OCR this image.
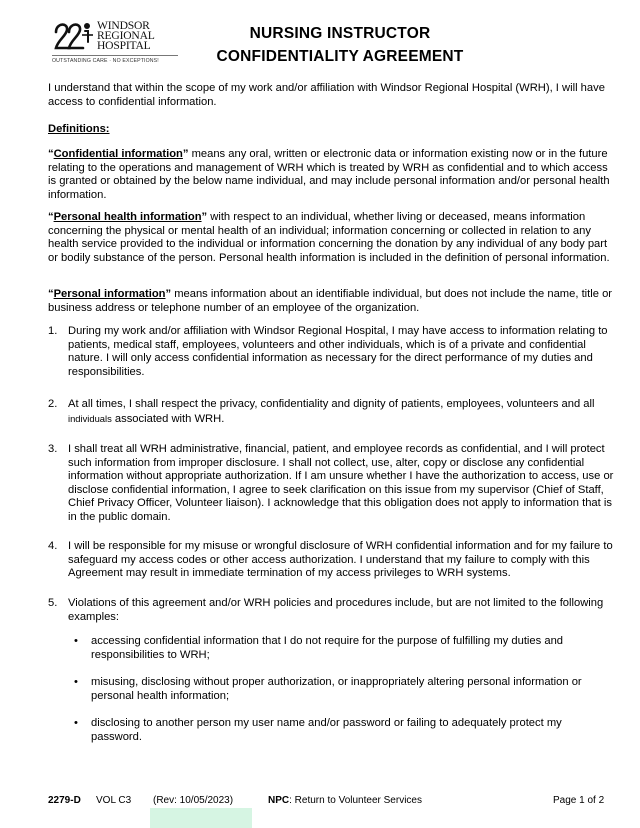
WINDSOR
REGIONAL
HOSPITAL
OUTSTANDING CARE · NO EXCEPTIONS!
NURSING INSTRUCTOR
CONFIDENTIALITY AGREEMENT

I understand that within the scope of my work and/or affiliation with Windsor Regional Hospital (WRH), I will have access to confidential information.

Definitions:

“Confidential information” means any oral, written or electronic data or information existing now or in the future relating to the operations and management of WRH which is treated by WRH as confidential and to which access is granted or obtained by the below name individual, and may include personal information and/or personal health information.

“Personal health information” with respect to an individual, whether living or deceased, means information concerning the physical or mental health of an individual; information concerning or collected in relation to any health service provided to the individual or information concerning the donation by any individual of any body part or bodily substance of the person. Personal health information is included in the definition of personal information.

“Personal information” means information about an identifiable individual, but does not include the name, title or business address or telephone number of an employee of the organization.

1. During my work and/or affiliation with Windsor Regional Hospital, I may have access to information relating to patients, medical staff, employees, volunteers and other individuals, which is of a private and confidential nature. I will only access confidential information as necessary for the direct performance of my duties and responsibilities.
2. At all times, I shall respect the privacy, confidentiality and dignity of patients, employees, volunteers and all individuals associated with WRH.
3. I shall treat all WRH administrative, financial, patient, and employee records as confidential, and I will protect such information from improper disclosure. I shall not collect, use, alter, copy or disclose any confidential information without appropriate authorization. If I am unsure whether I have the authorization to access, use or disclose confidential information, I agree to seek clarification on this issue from my supervisor (Chief of Staff, Chief Privacy Officer, Volunteer liaison). I acknowledge that this obligation does not apply to information that is in the public domain.
4. I will be responsible for my misuse or wrongful disclosure of WRH confidential information and for my failure to safeguard my access codes or other access authorization. I understand that my failure to comply with this Agreement may result in immediate termination of my access privileges to WRH systems.
5. Violations of this agreement and/or WRH policies and procedures include, but are not limited to the following examples:
•	accessing confidential information that I do not require for the purpose of fulfilling my duties and responsibilities to WRH;
•	misusing, disclosing without proper authorization, or inappropriately altering personal information or personal health information;
•	disclosing to another person my user name and/or password or failing to adequately protect my password.
2279-D VOL C3 (Rev: 10/05/2023)	NPC: Return to Volunteer Services	Page 1 of 2
